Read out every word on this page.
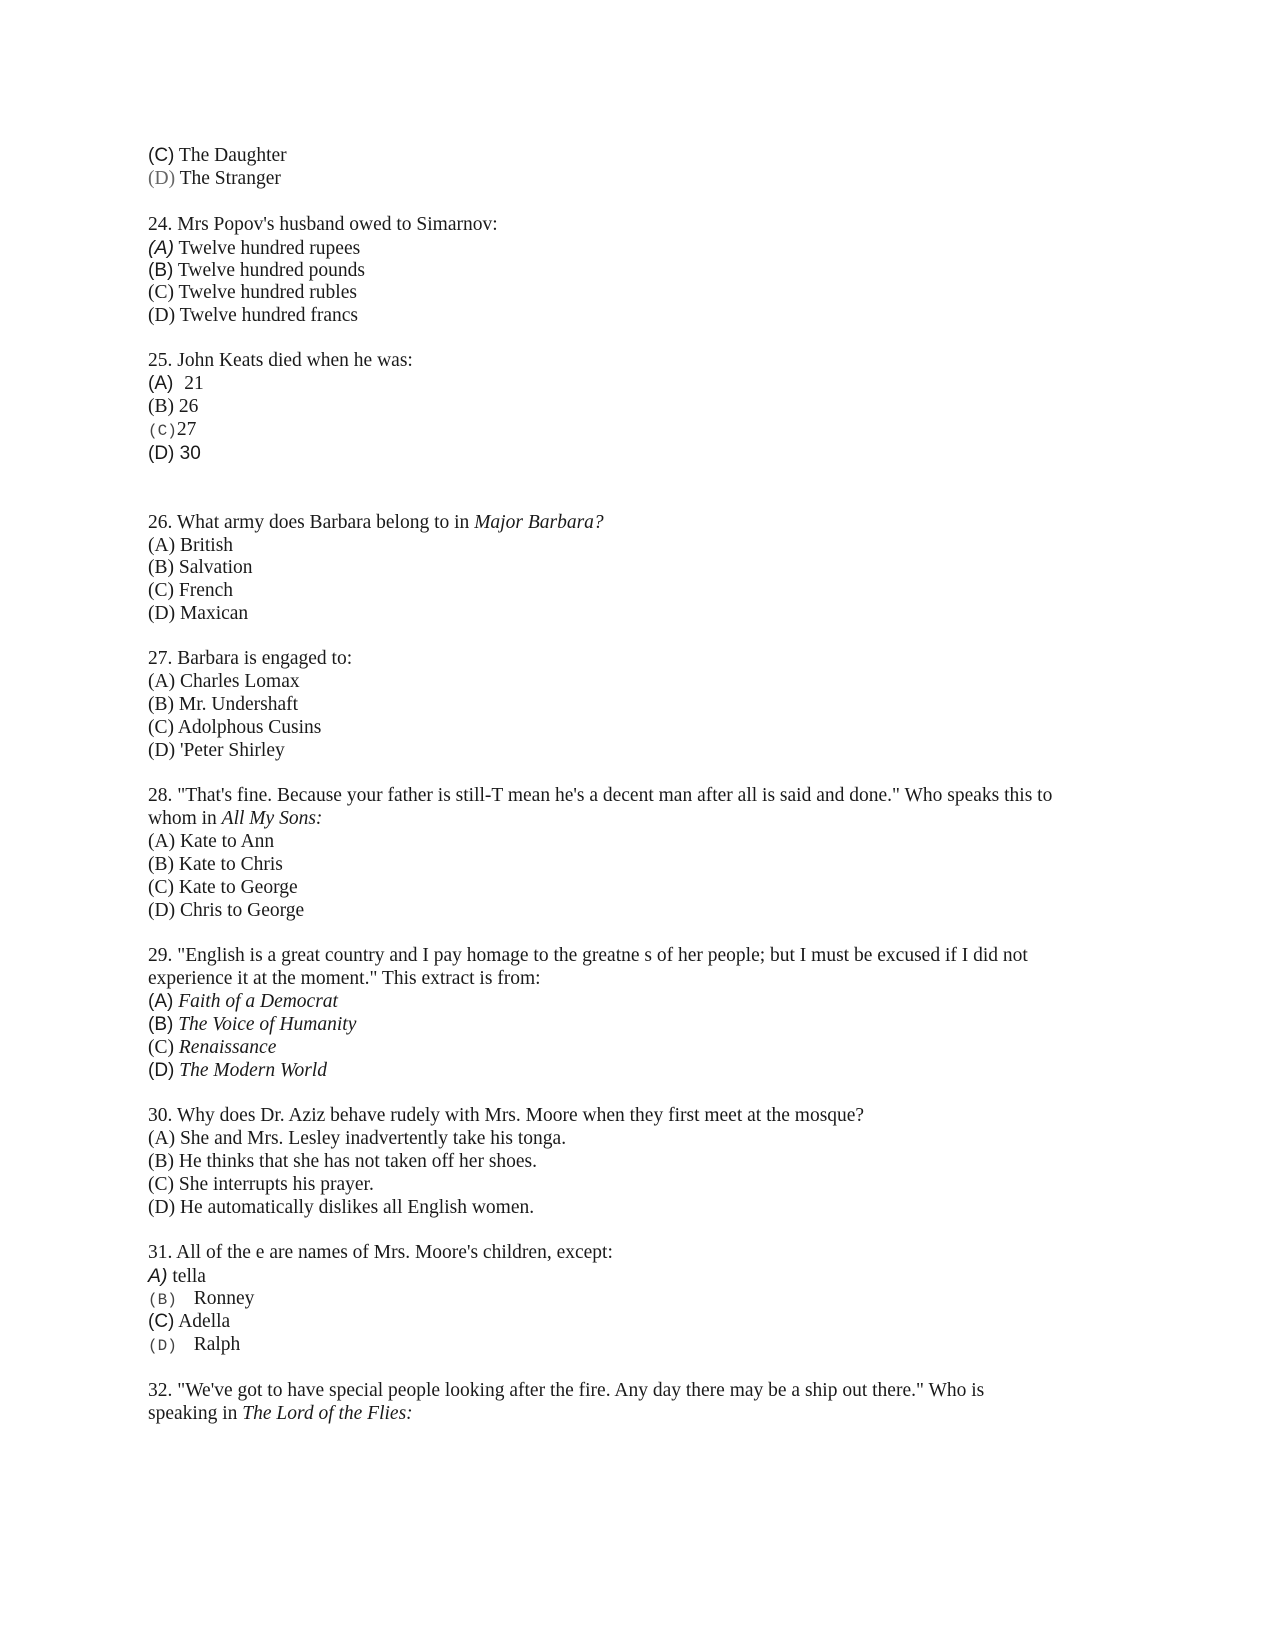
(C) The Daughter
(D) The Stranger
24. Mrs Popov's husband owed to Simarnov:
(A) Twelve hundred rupees
(B) Twelve hundred pounds
(C) Twelve hundred rubles
(D) Twelve hundred francs
25. John Keats died when he was:
(A) 21
(B) 26
(C)27
(D) 30
26. What army does Barbara belong to in Major Barbara?
(A) British
(B) Salvation
(C) French
(D) Maxican
27. Barbara is engaged to:
(A) Charles Lomax
(B) Mr. Undershaft
(C) Adolphous Cusins
(D) 'Peter Shirley
28. "That's fine. Because your father is still-T mean he's a decent man after all is said and done." Who speaks this to
whom in All My Sons:
(A) Kate to Ann
(B) Kate to Chris
(C) Kate to George
(D) Chris to George
29. "English is a great country and I pay homage to the greatne s of her people; but I must be excused if I did not
experience it at the moment." This extract is from:
(A) Faith of a Democrat
(B) The Voice of Humanity
(C) Renaissance
(D) The Modern World
30. Why does Dr. Aziz behave rudely with Mrs. Moore when they first meet at the mosque?
(A) She and Mrs. Lesley inadvertently take his tonga.
(B) He thinks that she has not taken off her shoes.
(C) She interrupts his prayer.
(D) He automatically dislikes all English women.
31. All of the e are names of Mrs. Moore's children, except:
A) tella
(B) Ronney
(C) Adella
(D) Ralph
32. "We've got to have special people looking after the fire. Any day there may be a ship out there." Who is
speaking in The Lord of the Flies:
